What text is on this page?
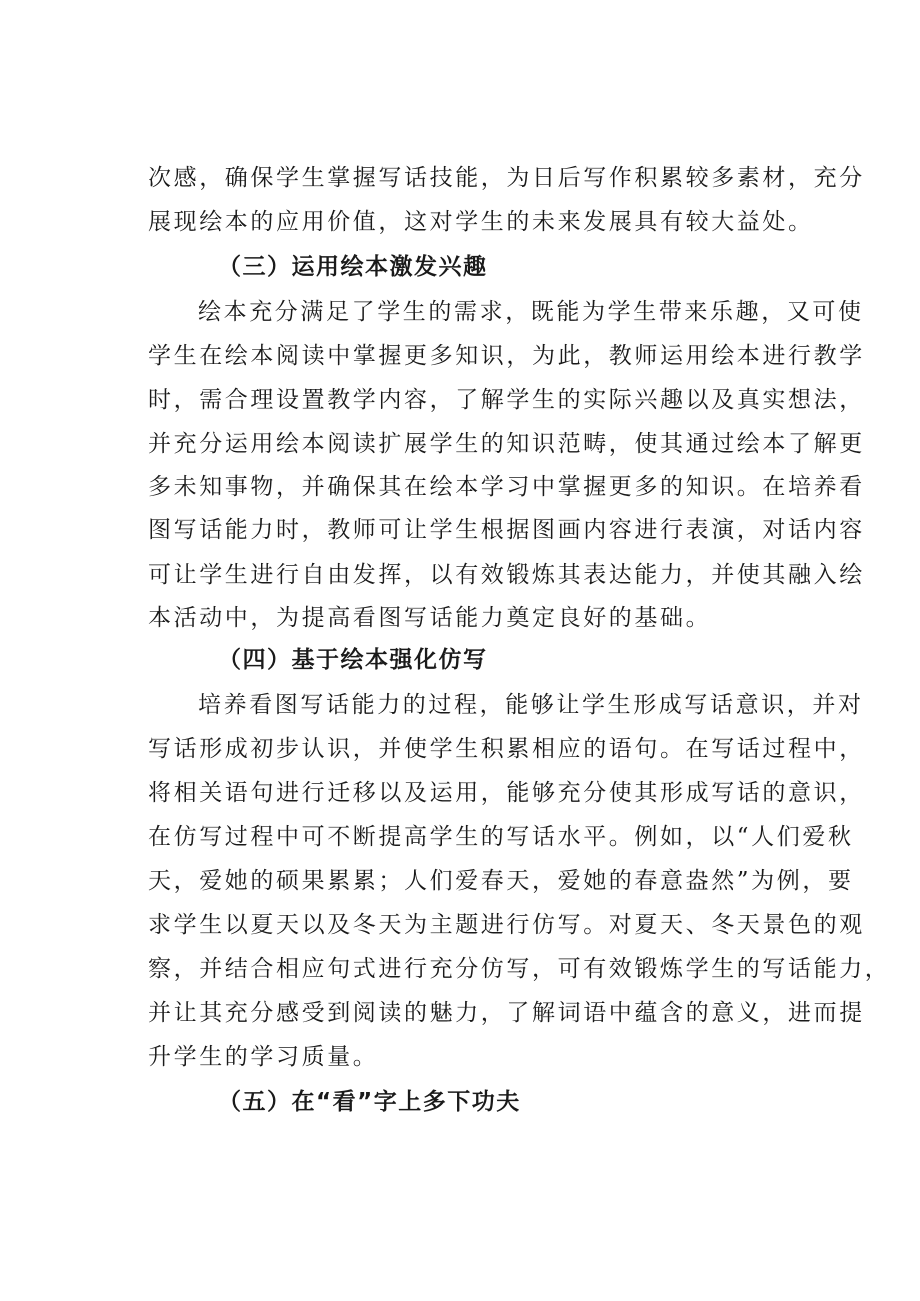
次感，确保学生掌握写话技能，为日后写作积累较多素材，充分
展现绘本的应用价值，这对学生的未来发展具有较大益处。
（三）运用绘本激发兴趣
绘本充分满足了学生的需求，既能为学生带来乐趣，又可使
学生在绘本阅读中掌握更多知识，为此，教师运用绘本进行教学
时，需合理设置教学内容，了解学生的实际兴趣以及真实想法，
并充分运用绘本阅读扩展学生的知识范畴，使其通过绘本了解更
多未知事物，并确保其在绘本学习中掌握更多的知识。在培养看
图写话能力时，教师可让学生根据图画内容进行表演，对话内容
可让学生进行自由发挥，以有效锻炼其表达能力，并使其融入绘
本活动中，为提高看图写话能力奠定良好的基础。
（四）基于绘本强化仿写
培养看图写话能力的过程，能够让学生形成写话意识，并对
写话形成初步认识，并使学生积累相应的语句。在写话过程中，
将相关语句进行迁移以及运用，能够充分使其形成写话的意识，
在仿写过程中可不断提高学生的写话水平。例如，以“人们爱秋
天，爱她的硕果累累；人们爱春天，爱她的春意盎然”为例，要
求学生以夏天以及冬天为主题进行仿写。对夏天、冬天景色的观
察，并结合相应句式进行充分仿写，可有效锻炼学生的写话能力，
并让其充分感受到阅读的魅力，了解词语中蕴含的意义，进而提
升学生的学习质量。
（五）在“看”字上多下功夫
